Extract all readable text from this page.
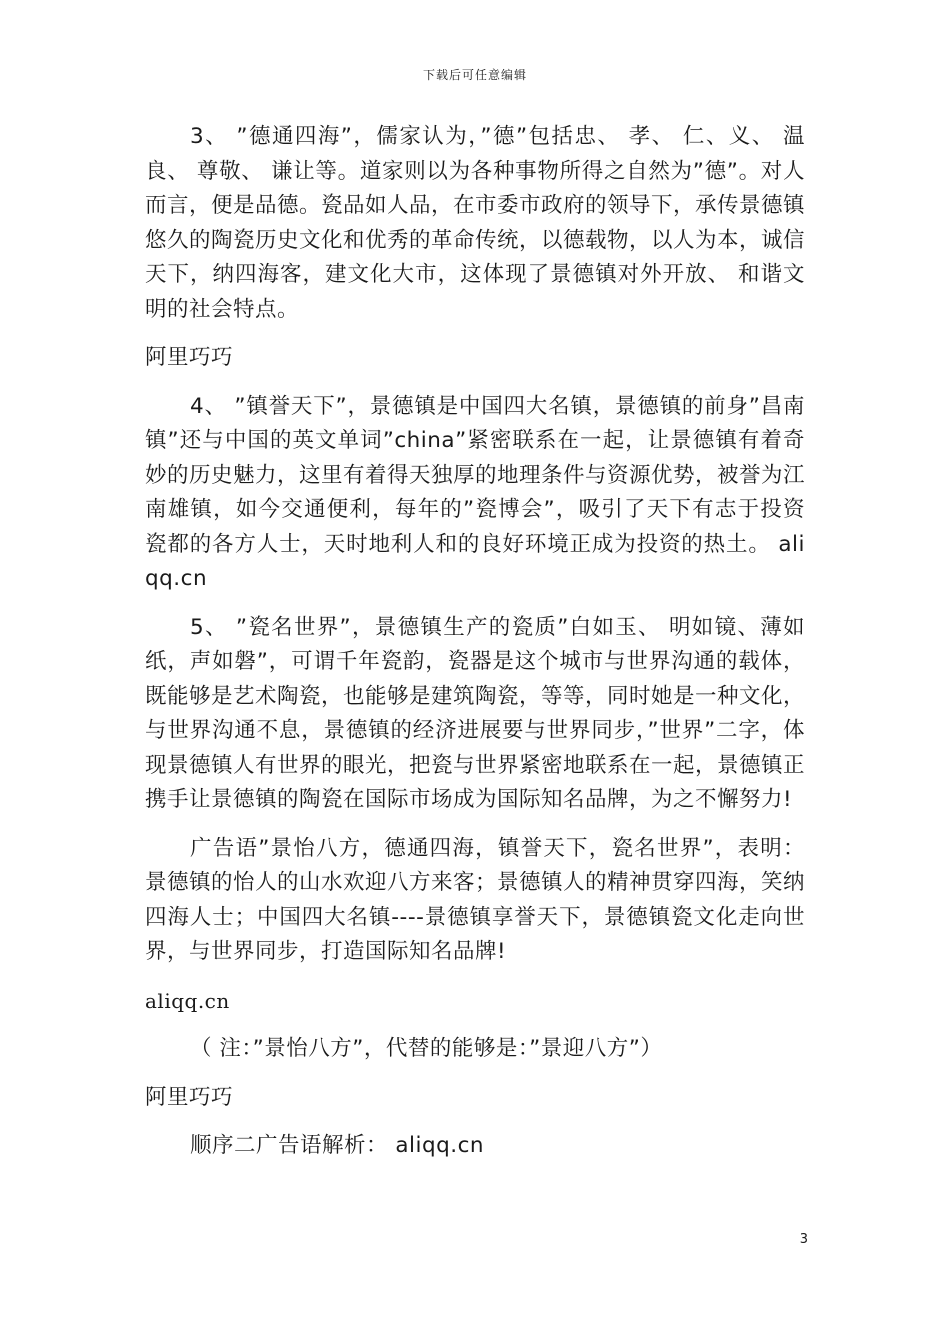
下载后可任意编辑

3、 ”德通四海”，儒家认为，”德”包括忠、 孝、 仁、义、 温良、 尊敬、 谦让等。道家则以为各种事物所得之自然为”德”。对人而言，便是品德。瓷品如人品，在市委市政府的领导下，承传景德镇悠久的陶瓷历史文化和优秀的革命传统，以德载物，以人为本，诚信天下，纳四海客，建文化大市，这体现了景德镇对外开放、 和谐文明的社会特点。

阿里巧巧

4、 ”镇誉天下”，景德镇是中国四大名镇，景德镇的前身”昌南镇”还与中国的英文单词”china”紧密联系在一起，让景德镇有着奇妙的历史魅力，这里有着得天独厚的地理条件与资源优势，被誉为江南雄镇，如今交通便利，每年的”瓷博会”，吸引了天下有志于投资瓷都的各方人士，天时地利人和的良好环境正成为投资的热土。 aliqq.cn

5、 ”瓷名世界”，景德镇生产的瓷质”白如玉、 明如镜、薄如纸，声如磐”，可谓千年瓷韵，瓷器是这个城市与世界沟通的载体，既能够是艺术陶瓷，也能够是建筑陶瓷，等等，同时她是一种文化，与世界沟通不息，景德镇的经济进展要与世界同步，”世界”二字，体现景德镇人有世界的眼光，把瓷与世界紧密地联系在一起，景德镇正携手让景德镇的陶瓷在国际市场成为国际知名品牌，为之不懈努力!

广告语”景怡八方，德通四海，镇誉天下，瓷名世界”，表明：景德镇的怡人的山水欢迎八方来客；景德镇人的精神贯穿四海，笑纳四海人士；中国四大名镇----景德镇享誉天下，景德镇瓷文化走向世界，与世界同步，打造国际知名品牌!

aliqq.cn

（ 注：”景怡八方”，代替的能够是：”景迎八方”）

阿里巧巧

顺序二广告语解析： aliqq.cn

3
